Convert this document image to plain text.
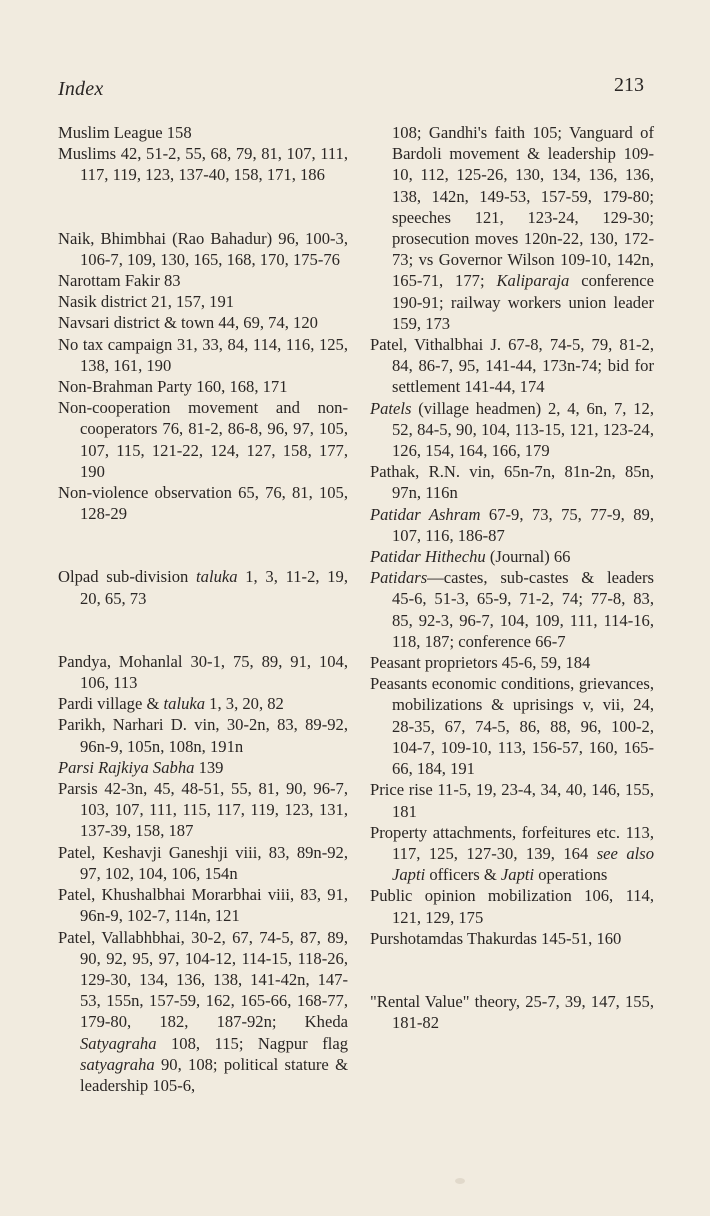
Index	213
Muslim League 158
Muslims 42, 51-2, 55, 68, 79, 81, 107, 111, 117, 119, 123, 137-40, 158, 171, 186
Naik, Bhimbhai (Rao Bahadur) 96, 100-3, 106-7, 109, 130, 165, 168, 170, 175-76
Narottam Fakir 83
Nasik district 21, 157, 191
Navsari district & town 44, 69, 74, 120
No tax campaign 31, 33, 84, 114, 116, 125, 138, 161, 190
Non-Brahman Party 160, 168, 171
Non-cooperation movement and non-cooperators 76, 81-2, 86-8, 96, 97, 105, 107, 115, 121-22, 124, 127, 158, 177, 190
Non-violence observation 65, 76, 81, 105, 128-29
Olpad sub-division taluka 1, 3, 11-2, 19, 20, 65, 73
Pandya, Mohanlal 30-1, 75, 89, 91, 104, 106, 113
Pardi village & taluka 1, 3, 20, 82
Parikh, Narhari D. vin, 30-2n, 83, 89-92, 96n-9, 105n, 108n, 191n
Parsi Rajkiya Sabha 139
Parsis 42-3n, 45, 48-51, 55, 81, 90, 96-7, 103, 107, 111, 115, 117, 119, 123, 131, 137-39, 158, 187
Patel, Keshavji Ganeshji viii, 83, 89n-92, 97, 102, 104, 106, 154n
Patel, Khushalbhai Morarbhai viii, 83, 91, 96n-9, 102-7, 114n, 121
Patel, Vallabhbhai, 30-2, 67, 74-5, 87, 89, 90, 92, 95, 97, 104-12, 114-15, 118-26, 129-30, 134, 136, 138, 141-42n, 147-53, 155n, 157-59, 162, 165-66, 168-77, 179-80, 182, 187-92n; Kheda Satyagraha 108, 115; Nagpur flag satyagraha 90, 108; political stature & leadership 105-6,
108; Gandhi's faith 105; Vanguard of Bardoli movement & leadership 109-10, 112, 125-26, 130, 134, 136, 136, 138, 142n, 149-53, 157-59, 179-80; speeches 121, 123-24, 129-30; prosecution moves 120n-22, 130, 172-73; vs Governor Wilson 109-10, 142n, 165-71, 177; Kaliparaja conference 190-91; railway workers union leader 159, 173
Patel, Vithalbhai J. 67-8, 74-5, 79, 81-2, 84, 86-7, 95, 141-44, 173n-74; bid for settlement 141-44, 174
Patels (village headmen) 2, 4, 6n, 7, 12, 52, 84-5, 90, 104, 113-15, 121, 123-24, 126, 154, 164, 166, 179
Pathak, R.N. vin, 65n-7n, 81n-2n, 85n, 97n, 116n
Patidar Ashram 67-9, 73, 75, 77-9, 89, 107, 116, 186-87
Patidar Hithechu (Journal) 66
Patidars—castes, sub-castes & leaders 45-6, 51-3, 65-9, 71-2, 74; 77-8, 83, 85, 92-3, 96-7, 104, 109, 111, 114-16, 118, 187; conference 66-7
Peasant proprietors 45-6, 59, 184
Peasants economic conditions, grievances, mobilizations & uprisings v, vii, 24, 28-35, 67, 74-5, 86, 88, 96, 100-2, 104-7, 109-10, 113, 156-57, 160, 165-66, 184, 191
Price rise 11-5, 19, 23-4, 34, 40, 146, 155, 181
Property attachments, forfeitures etc. 113, 117, 125, 127-30, 139, 164 see also Japti officers & Japti operations
Public opinion mobilization 106, 114, 121, 129, 175
Purshotamdas Thakurdas 145-51, 160
"Rental Value" theory, 25-7, 39, 147, 155, 181-82
